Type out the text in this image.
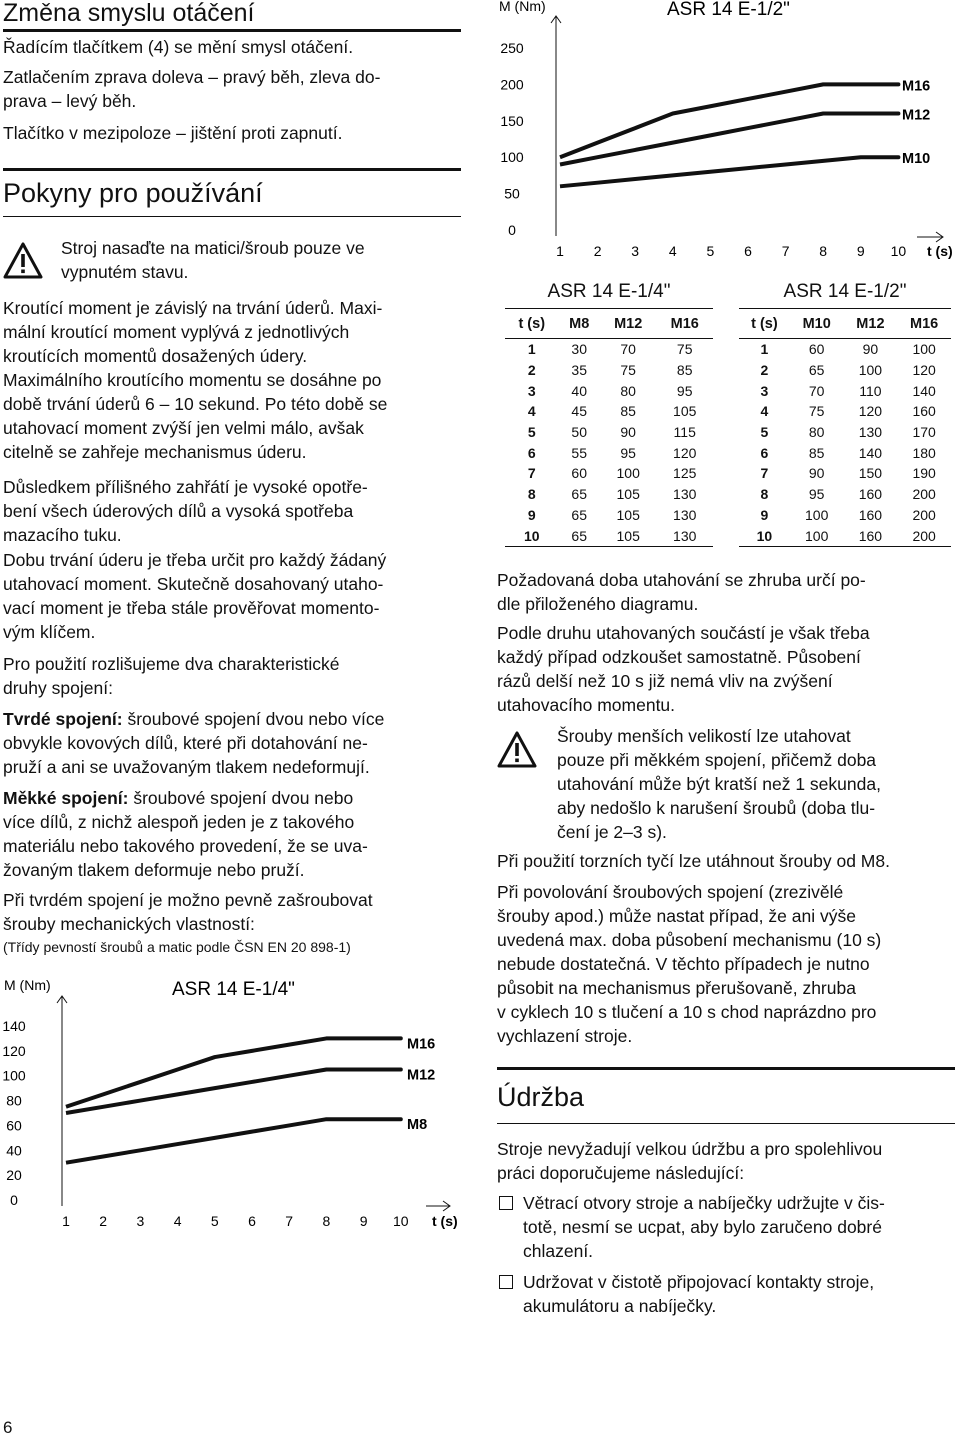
Změna smyslu otáčení
Řadícím tlačítkem (4) se mění smysl otáčení.
Zatlačením zprava doleva – pravý běh, zleva do-
prava – levý běh.
Tlačítko v mezipoloze – jištění proti zapnutí.
Pokyny pro používání
Stroj nasaďte na matici/šroub pouze ve
vypnutém stavu.
Kroutící moment je závislý na trvání úderů. Maxi-
mální kroutící moment vyplývá z jednotlivých
kroutících momentů dosažených údery.
Maximálního kroutícího momentu se dosáhne po
době trvání úderů 6 – 10 sekund. Po této době se
utahovací moment zvýší jen velmi málo, avšak
citelně se zahřeje mechanismus úderu.
Důsledkem přílišného zahřátí je vysoké opotře-
bení všech úderových dílů a vysoká spotřeba
mazacího tuku.
Dobu trvání úderu je třeba určit pro každý žádaný
utahovací moment. Skutečně dosahovaný utaho-
vací moment je třeba stále prověřovat momento-
vým klíčem.
Pro použití rozlišujeme dva charakteristické
druhy spojení:
Tvrdé spojení: šroubové spojení dvou nebo více
obvykle kovových dílů, které při dotahování ne-
pruží a ani se uvažovaným tlakem nedeformují.
Měkké spojení: šroubové spojení dvou nebo
více dílů, z nichž alespoň jeden je z takového
materiálu nebo takového provedení, že se uva-
žovaným tlakem deformuje nebo pruží.
Při tvrdém spojení je možno pevně zašroubovat
šrouby mechanických vlastností:
(Třídy pevností šroubů a matic podle ČSN EN 20 898-1)
M (Nm)	ASR 14 E-1/4"
t (s)
0
20
40
60
80
100
120
140
1 2 3 4 5 6 7 8 9 10
M16
M12
M8
M (Nm)	ASR 14 E-1/2"
t (s)
0
50
100
150
200
250
1 2 3 4 5 6 7 8 9 10
M16
M12
M10
ASR 14 E-1/4"
t (s)	M8	M12	M16
1	30	70	75
2	35	75	85
3	40	80	95
4	45	85	105
5	50	90	115
6	55	95	120
7	60	100	125
8	65	105	130
9	65	105	130
10	65	105	130
ASR 14 E-1/2"
t (s)	M10	M12	M16
1	60	90	100
2	65	100	120
3	70	110	140
4	75	120	160
5	80	130	170
6	85	140	180
7	90	150	190
8	95	160	200
9	100	160	200
10	100	160	200
Požadovaná doba utahování se zhruba určí po-
dle přiloženého diagramu.
Podle druhu utahovaných součástí je však třeba
každý případ odzkoušet samostatně. Působení
rázů delší než 10 s již nemá vliv na zvýšení
utahovacího momentu.
Šrouby menších velikostí lze utahovat
pouze při měkkém spojení, přičemž doba
utahování může být kratší než 1 sekunda,
aby nedošlo k narušení šroubů (doba tlu-
čení je 2–3 s).
Při použití torzních tyčí lze utáhnout šrouby od M8.
Při povolování šroubových spojení (zrezivělé
šrouby apod.) může nastat případ, že ani výše
uvedená max. doba působení mechanismu (10 s)
nebude dostatečná. V těchto případech je nutno
působit na mechanismus přerušovaně, zhruba
v cyklech 10 s tlučení a 10 s chod naprázdno pro
vychlazení stroje.
Údržba
Stroje nevyžadují velkou údržbu a pro spolehlivou
práci doporučujeme následující:
Větrací otvory stroje a nabíječky udržujte v čis-
totě, nesmí se ucpat, aby bylo zaručeno dobré
chlazení.
Udržovat v čistotě připojovací kontakty stroje,
akumulátoru a nabíječky.
6
